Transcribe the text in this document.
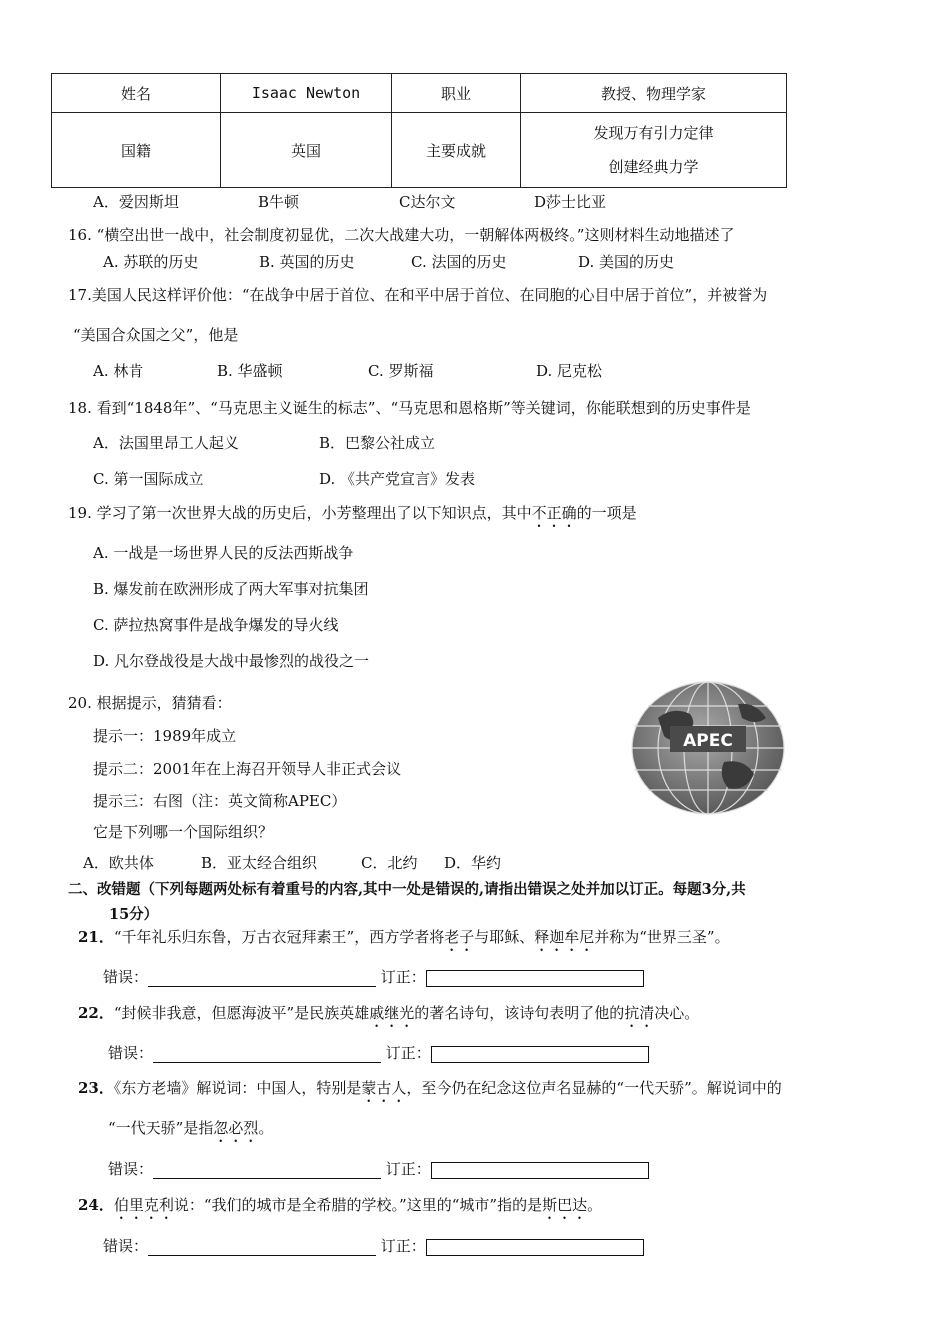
姓名	Isaac Newton	职业	教授、物理学家
国籍	英国	主要成就	发现万有引力定律
创建经典力学
A．爱因斯坦	B牛顿	C达尔文	D莎士比亚
16. “横空出世一战中，社会制度初显优，二次大战建大功，一朝解体两极终。”这则材料生动地描述了
A. 苏联的历史	B. 英国的历史	C. 法国的历史	D. 美国的历史
17.美国人民这样评价他：“在战争中居于首位、在和平中居于首位、在同胞的心目中居于首位”，并被誉为
“美国合众国之父”，他是
A. 林肯	B. 华盛顿	C. 罗斯福	D. 尼克松
18. 看到“1848年”、“马克思主义诞生的标志”、“马克思和恩格斯”等关键词，你能联想到的历史事件是
A．法国里昂工人起义	B．巴黎公社成立
C. 第一国际成立	D. 《共产党宣言》发表
19. 学习了第一次世界大战的历史后，小芳整理出了以下知识点，其中不正确的一项是
A. 一战是一场世界人民的反法西斯战争
B. 爆发前在欧洲形成了两大军事对抗集团
C. 萨拉热窝事件是战争爆发的导火线
D. 凡尔登战役是大战中最惨烈的战役之一
20. 根据提示，猜猜看：
提示一：1989年成立
提示二：2001年在上海召开领导人非正式会议
提示三：右图（注：英文简称APEC）
它是下列哪一个国际组织？
A．欧共体	B．亚太经合组织	C．北约 D．华约
APEC
二、改错题（下列每题两处标有着重号的内容,其中一处是错误的,请指出错误之处并加以订正。每题3分,共
15分）
21．“千年礼乐归东鲁，万古衣冠拜素王”，西方学者将老子与耶稣、释迦牟尼并称为“世界三圣”。
错误：	订正：
22．“封候非我意，但愿海波平”是民族英雄戚继光的著名诗句，该诗句表明了他的抗清决心。
错误：	订正：
23．《东方老墙》解说词：中国人，特别是蒙古人，至今仍在纪念这位声名显赫的“一代天骄”。解说词中的
“一代天骄”是指忽必烈。
错误：	订正：
24．伯里克利说：“我们的城市是全希腊的学校。”这里的“城市”指的是斯巴达。
错误：	订正：
